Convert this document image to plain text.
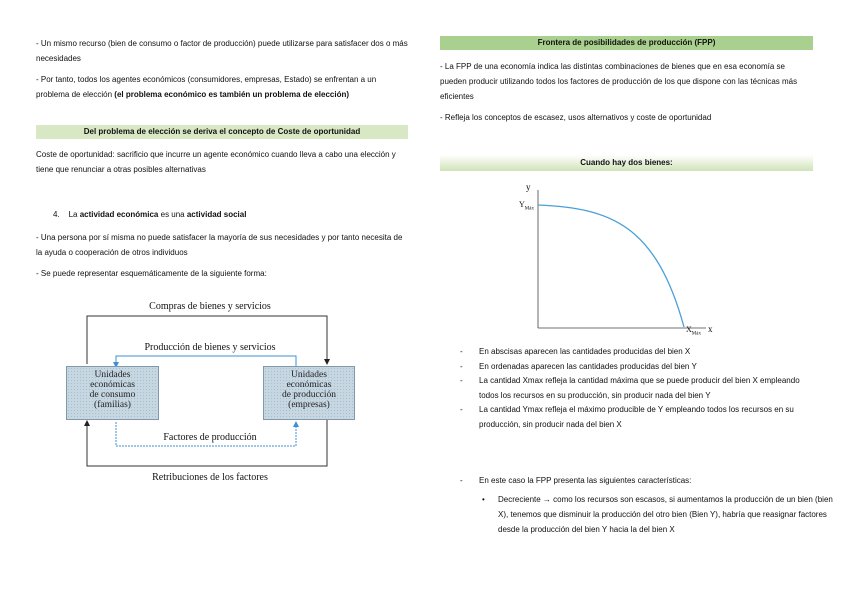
- Un mismo recurso (bien de consumo o factor de producción) puede utilizarse para satisfacer dos o más necesidades
- Por tanto, todos los agentes económicos (consumidores, empresas, Estado) se enfrentan a un problema de elección (el problema económico es también un problema de elección)
Del problema de elección se deriva el concepto de Coste de oportunidad
Coste de oportunidad: sacrificio que incurre un agente económico cuando lleva a cabo una elección y tiene que renunciar a otras posibles alternativas
4. La actividad económica es una actividad social
- Una persona por sí misma no puede satisfacer la mayoría de sus necesidades y por tanto necesita de la ayuda o cooperación de otros individuos
- Se puede representar esquemáticamente de la siguiente forma:
Compras de bienes y servicios
Producción de bienes y servicios
Unidades
económicas
de consumo
(familias)
Unidades
económicas
de producción
(empresas)
Factores de producción
Retribuciones de los factores
Frontera de posibilidades de producción (FPP)
- La FPP de una economía indica las distintas combinaciones de bienes que en esa economía se pueden producir utilizando todos los factores de producción de los que dispone con las técnicas más eficientes
- Refleja los conceptos de escasez, usos alternativos y coste de oportunidad
Cuando hay dos bienes:
y
$Y_{Máx}$
$X_{Máx}$
x
- En abscisas aparecen las cantidades producidas del bien X
- En ordenadas aparecen las cantidades producidas del bien Y
- La cantidad Xmax refleja la cantidad máxima que se puede producir del bien X empleando todos los recursos en su producción, sin producir nada del bien Y
- La cantidad Ymax refleja el máximo producible de Y empleando todos los recursos en su producción, sin producir nada del bien X
- En este caso la FPP presenta las siguientes características:
• Decreciente → como los recursos son escasos, si aumentamos la producción de un bien (bien X), tenemos que disminuir la producción del otro bien (Bien Y), habría que reasignar factores desde la producción del bien Y hacia la del bien X
